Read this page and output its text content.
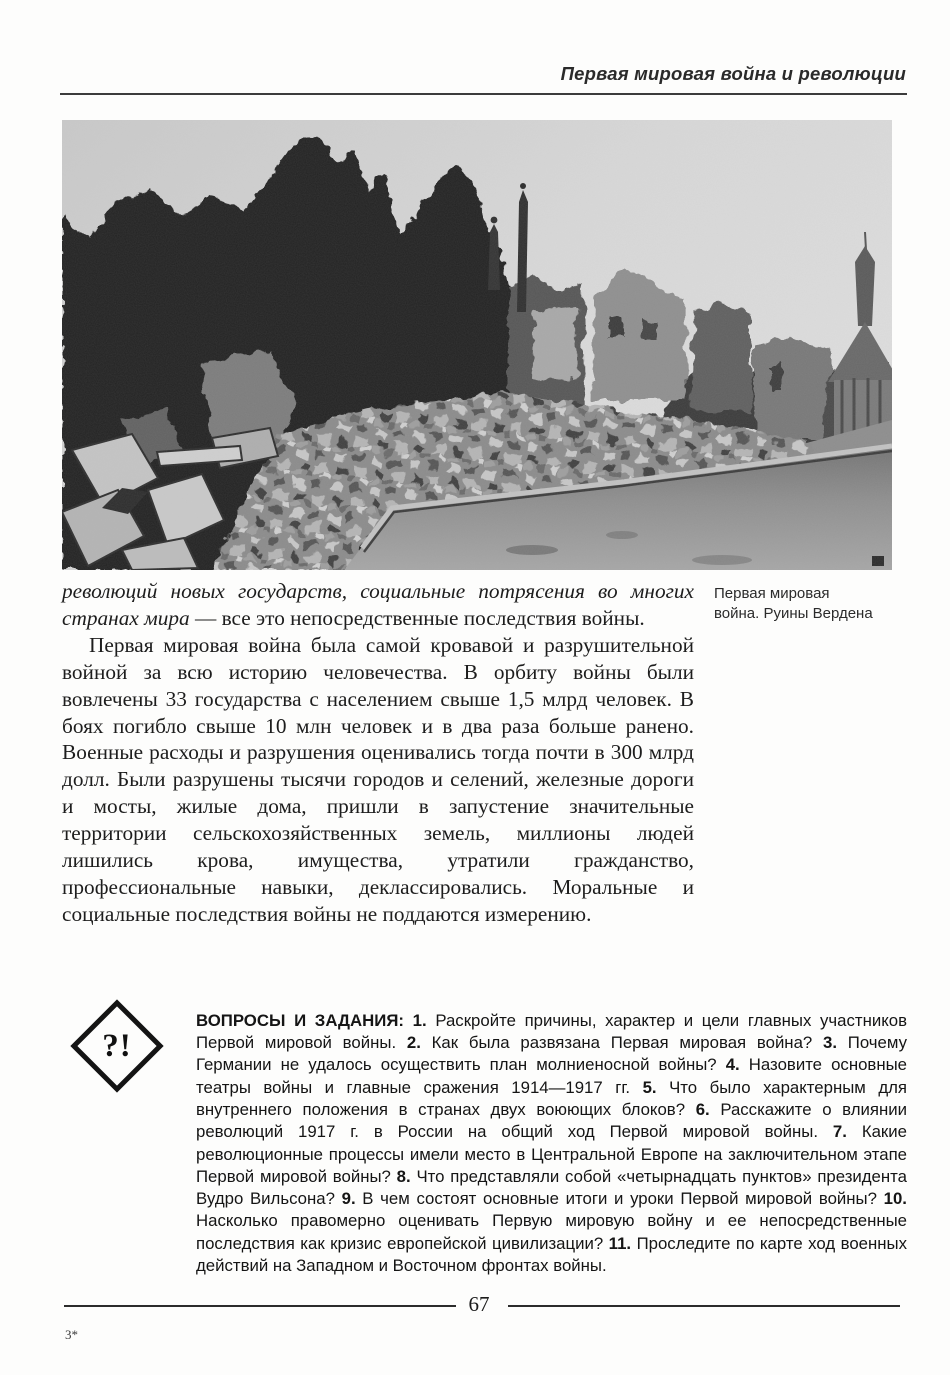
Первая мировая война и революции

революций новых государств, социальные потрясения во многих странах мира — все это непосредственные последствия войны.

Первая мировая война была самой кровавой и разрушительной войной за всю историю человечества. В орбиту войны были вовлечены 33 государства с населением свыше 1,5 млрд человек. В боях погибло свыше 10 млн человек и в два раза больше ранено. Военные расходы и разрушения оценивались тогда почти в 300 млрд долл. Были разрушены тысячи городов и селений, железные дороги и мосты, жилые дома, пришли в запустение значительные территории сельскохозяйственных земель, миллионы людей лишились крова, имущества, утратили гражданство, профессиональные навыки, деклассировались. Моральные и социальные последствия войны не поддаются измерению.

Первая мировая война. Руины Вердена
?!

ВОПРОСЫ И ЗАДАНИЯ: 1. Раскройте причины, характер и цели главных участников Первой мировой войны. 2. Как была развязана Первая мировая война? 3. Почему Германии не удалось осуществить план молниеносной войны? 4. Назовите основные театры войны и главные сражения 1914—1917 гг. 5. Что было характерным для внутреннего положения в странах двух воюющих блоков? 6. Расскажите о влиянии революций 1917 г. в России на общий ход Первой мировой войны. 7. Какие революционные процессы имели место в Центральной Европе на заключительном этапе Первой мировой войны? 8. Что представляли собой «четырнадцать пунктов» президента Вудро Вильсона? 9. В чем состоят основные итоги и уроки Первой мировой войны? 10. Насколько правомерно оценивать Первую мировую войну и ее непосредственные последствия как кризис европейской цивилизации? 11. Проследите по карте ход военных действий на Западном и Восточном фронтах войны.

67
3*
